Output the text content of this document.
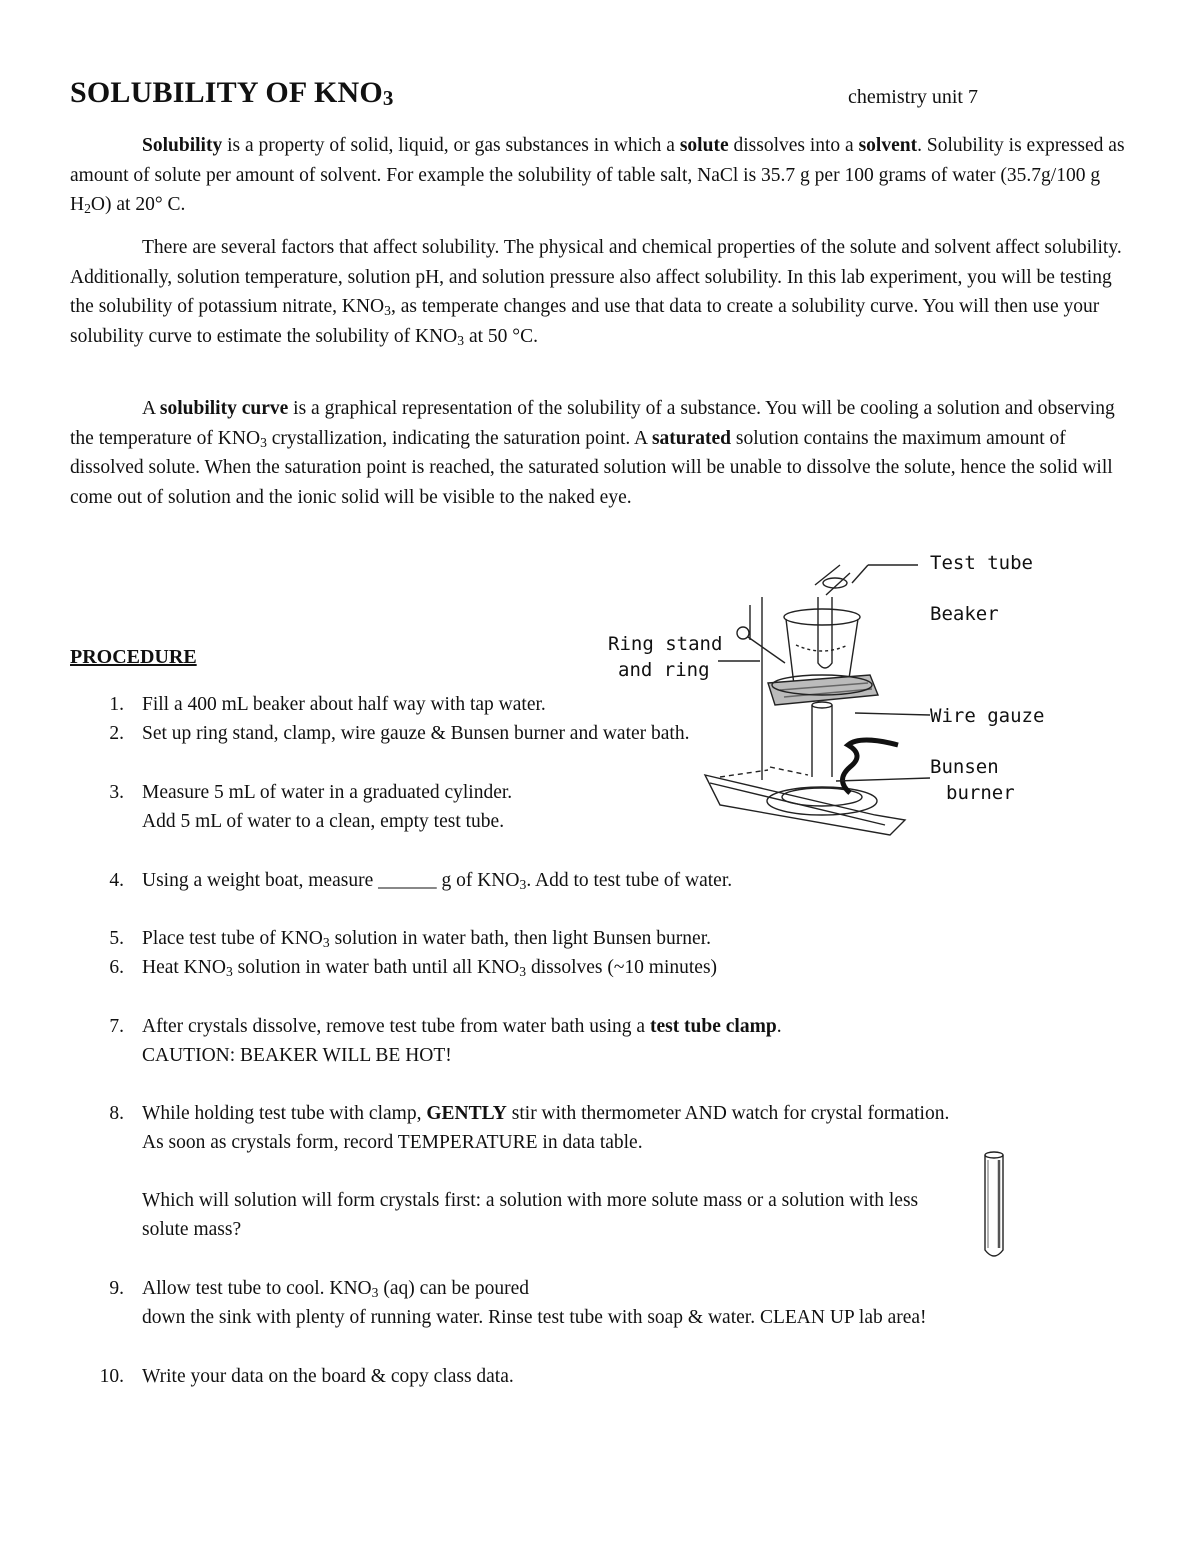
SOLUBILITY OF $KNO_3$	chemistry unit 7

Solubility is a property of solid, liquid, or gas substances in which a solute dissolves into a solvent. Solubility is expressed as amount of solute per amount of solvent. For example the solubility of table salt, NaCl is 35.7 g per 100 grams of water (35.7g/100 g $H_2O$) at 20° C.

There are several factors that affect solubility. The physical and chemical properties of the solute and solvent affect solubility. Additionally, solution temperature, solution pH, and solution pressure also affect solubility. In this lab experiment, you will be testing the solubility of potassium nitrate, $KNO_3$, as temperate changes and use that data to create a solubility curve. You will then use your solubility curve to estimate the solubility of $KNO_3$ at 50 °C.

A solubility curve is a graphical representation of the solubility of a substance. You will be cooling a solution and observing the temperature of $KNO_3$ crystallization, indicating the saturation point. A saturated solution contains the maximum amount of dissolved solute. When the saturation point is reached, the saturated solution will be unable to dissolve the solute, hence the solid will come out of solution and the ionic solid will be visible to the naked eye.

Test tube
Beaker
Ring stand
and ring
Wire gauze
Bunsen
burner
PROCEDURE
1. Fill a 400 mL beaker about half way with tap water.
2. Set up ring stand, clamp, wire gauze & Bunsen burner and water bath.
3. Measure 5 mL of water in a graduated cylinder.
Add 5 mL of water to a clean, empty test tube.
4. Using a weight boat, measure ______ g of $KNO_3$. Add to test tube of water.
5. Place test tube of $KNO_3$ solution in water bath, then light Bunsen burner.
6. Heat $KNO_3$ solution in water bath until all $KNO_3$ dissolves (~10 minutes)
7. After crystals dissolve, remove test tube from water bath using a test tube clamp.
CAUTION: BEAKER WILL BE HOT!
8. While holding test tube with clamp, GENTLY stir with thermometer AND watch for crystal formation.
As soon as crystals form, record TEMPERATURE in data table.
Which will solution will form crystals first: a solution with more solute mass or a solution with less
solute mass?
9. Allow test tube to cool. $KNO_3$ (aq) can be poured
down the sink with plenty of running water. Rinse test tube with soap & water. CLEAN UP lab area!
10. Write your data on the board & copy class data.
